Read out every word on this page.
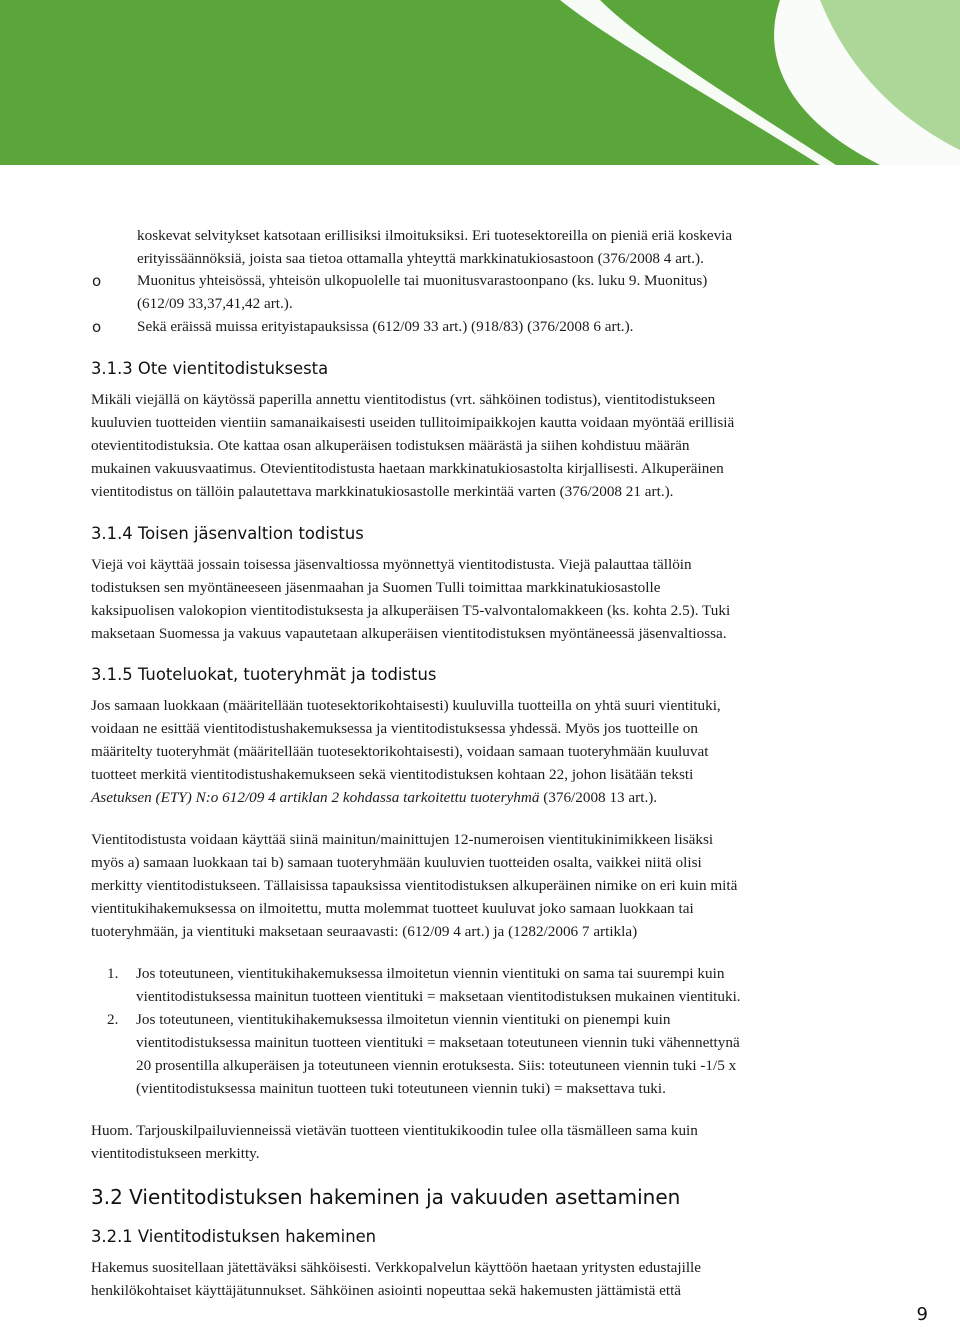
koskevat selvitykset katsotaan erillisiksi ilmoituksiksi. Eri tuotesektoreilla on pieniä eriä koskevia
erityissäännöksiä, joista saa tietoa ottamalla yhteyttä markkinatukiosastoon (376/2008 4 art.).
o Muonitus yhteisössä, yhteisön ulkopuolelle tai muonitusvarastoonpano (ks. luku 9. Muonitus)
(612/09 33,37,41,42 art.).
o Sekä eräissä muissa erityistapauksissa (612/09 33 art.) (918/83) (376/2008 6 art.).
3.1.3 Ote vientitodistuksesta
Mikäli viejällä on käytössä paperilla annettu vientitodistus (vrt. sähköinen todistus), vientitodistukseen
kuuluvien tuotteiden vientiin samanaikaisesti useiden tullitoimipaikkojen kautta voidaan myöntää erillisiä
otevientitodistuksia. Ote kattaa osan alkuperäisen todistuksen määrästä ja siihen kohdistuu määrän
mukainen vakuusvaatimus. Otevientitodistusta haetaan markkinatukiosastolta kirjallisesti. Alkuperäinen
vientitodistus on tällöin palautettava markkinatukiosastolle merkintää varten (376/2008 21 art.).
3.1.4 Toisen jäsenvaltion todistus
Viejä voi käyttää jossain toisessa jäsenvaltiossa myönnettyä vientitodistusta. Viejä palauttaa tällöin
todistuksen sen myöntäneeseen jäsenmaahan ja Suomen Tulli toimittaa markkinatukiosastolle
kaksipuolisen valokopion vientitodistuksesta ja alkuperäisen T5-valvontalomakkeen (ks. kohta 2.5). Tuki
maksetaan Suomessa ja vakuus vapautetaan alkuperäisen vientitodistuksen myöntäneessä jäsenvaltiossa.
3.1.5 Tuoteluokat, tuoteryhmät ja todistus
Jos samaan luokkaan (määritellään tuotesektorikohtaisesti) kuuluvilla tuotteilla on yhtä suuri vientituki,
voidaan ne esittää vientitodistushakemuksessa ja vientitodistuksessa yhdessä. Myös jos tuotteille on
määritelty tuoteryhmät (määritellään tuotesektorikohtaisesti), voidaan samaan tuoteryhmään kuuluvat
tuotteet merkitä vientitodistushakemukseen sekä vientitodistuksen kohtaan 22, johon lisätään teksti
Asetuksen (ETY) N:o 612/09 4 artiklan 2 kohdassa tarkoitettu tuoteryhmä (376/2008 13 art.).
Vientitodistusta voidaan käyttää siinä mainitun/mainittujen 12-numeroisen vientitukinimikkeen lisäksi
myös a) samaan luokkaan tai b) samaan tuoteryhmään kuuluvien tuotteiden osalta, vaikkei niitä olisi
merkitty vientitodistukseen. Tällaisissa tapauksissa vientitodistuksen alkuperäinen nimike on eri kuin mitä
vientitukihakemuksessa on ilmoitettu, mutta molemmat tuotteet kuuluvat joko samaan luokkaan tai
tuoteryhmään, ja vientituki maksetaan seuraavasti: (612/09 4 art.) ja (1282/2006 7 artikla)
1. Jos toteutuneen, vientitukihakemuksessa ilmoitetun viennin vientituki on sama tai suurempi kuin
vientitodistuksessa mainitun tuotteen vientituki = maksetaan vientitodistuksen mukainen vientituki.
2. Jos toteutuneen, vientitukihakemuksessa ilmoitetun viennin vientituki on pienempi kuin
vientitodistuksessa mainitun tuotteen vientituki = maksetaan toteutuneen viennin tuki vähennettynä
20 prosentilla alkuperäisen ja toteutuneen viennin erotuksesta. Siis: toteutuneen viennin tuki -1/5 x
(vientitodistuksessa mainitun tuotteen tuki toteutuneen viennin tuki) = maksettava tuki.
Huom. Tarjouskilpailuvienneissä vietävän tuotteen vientitukikoodin tulee olla täsmälleen sama kuin
vientitodistukseen merkitty.
3.2 Vientitodistuksen hakeminen ja vakuuden asettaminen
3.2.1 Vientitodistuksen hakeminen
Hakemus suositellaan jätettäväksi sähköisesti. Verkkopalvelun käyttöön haetaan yritysten edustajille
henkilökohtaiset käyttäjätunnukset. Sähköinen asiointi nopeuttaa sekä hakemusten jättämistä että
9
